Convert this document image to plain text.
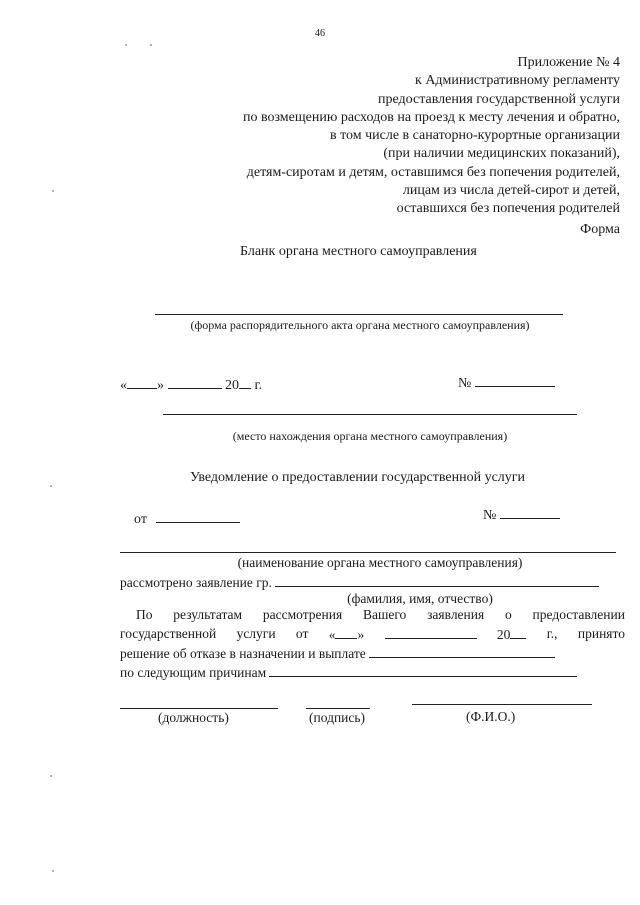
46
Приложение № 4
к Административному регламенту
предоставления государственной услуги
по возмещению расходов на проезд к месту лечения и обратно,
в том числе в санаторно-курортные организации
(при наличии медицинских показаний),
детям-сиротам и детям, оставшимся без попечения родителей,
лицам из числа детей-сирот и детей,
оставшихся без попечения родителей
Форма
Бланк органа местного самоуправления
(форма распорядительного акта органа местного самоуправления)
« »	20 г.	№
(место нахождения органа местного самоуправления)
Уведомление о предоставлении государственной услуги
от	№
(наименование органа местного самоуправления)
рассмотрено заявление гр.
(фамилия, имя, отчество)
По результатам рассмотрения Вашего заявления о предоставлении
государственной услуги от « »	20	г., принято
решение об отказе в назначении и выплате
по следующим причинам
(должность)	(подпись)	(Ф.И.О.)
